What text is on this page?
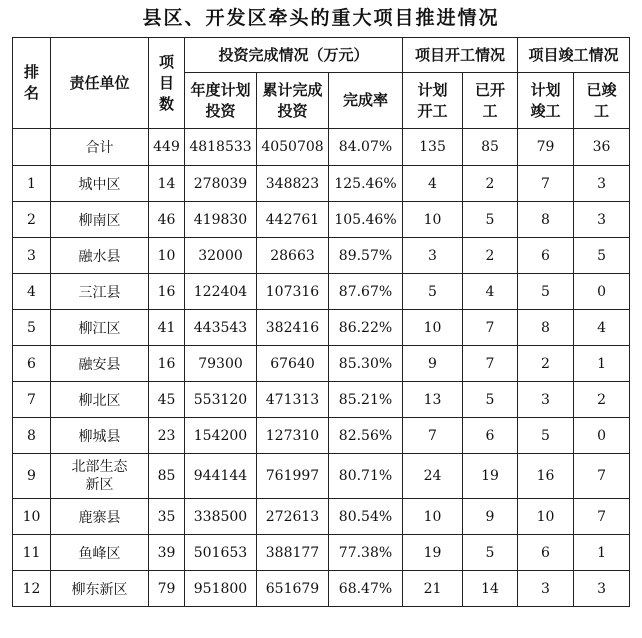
县区、开发区牵头的重大项目推进情况
排名	责任单位	项目数	投资完成情况（万元）			项目开工情况		项目竣工情况	

			年度计划投资	累计完成投资	完成率	计划开工	已开工	计划竣工	已竣工

	合计	449	4818533	4050708	84.07%	135	85	79	36
1	城中区	14	278039	348823	125.46%	4	2	7	3
2	柳南区	46	419830	442761	105.46%	10	5	8	3
3	融水县	10	32000	28663	89.57%	3	2	6	5
4	三江县	16	122404	107316	87.67%	5	4	5	0
5	柳江区	41	443543	382416	86.22%	10	7	8	4
6	融安县	16	79300	67640	85.30%	9	7	2	1
7	柳北区	45	553120	471313	85.21%	13	5	3	2
8	柳城县	23	154200	127310	82.56%	7	6	5	0
9	北部生态新区	85	944144	761997	80.71%	24	19	16	7
10	鹿寨县	35	338500	272613	80.54%	10	9	10	7
11	鱼峰区	39	501653	388177	77.38%	19	5	6	1
12	柳东新区	79	951800	651679	68.47%	21	14	3	3
